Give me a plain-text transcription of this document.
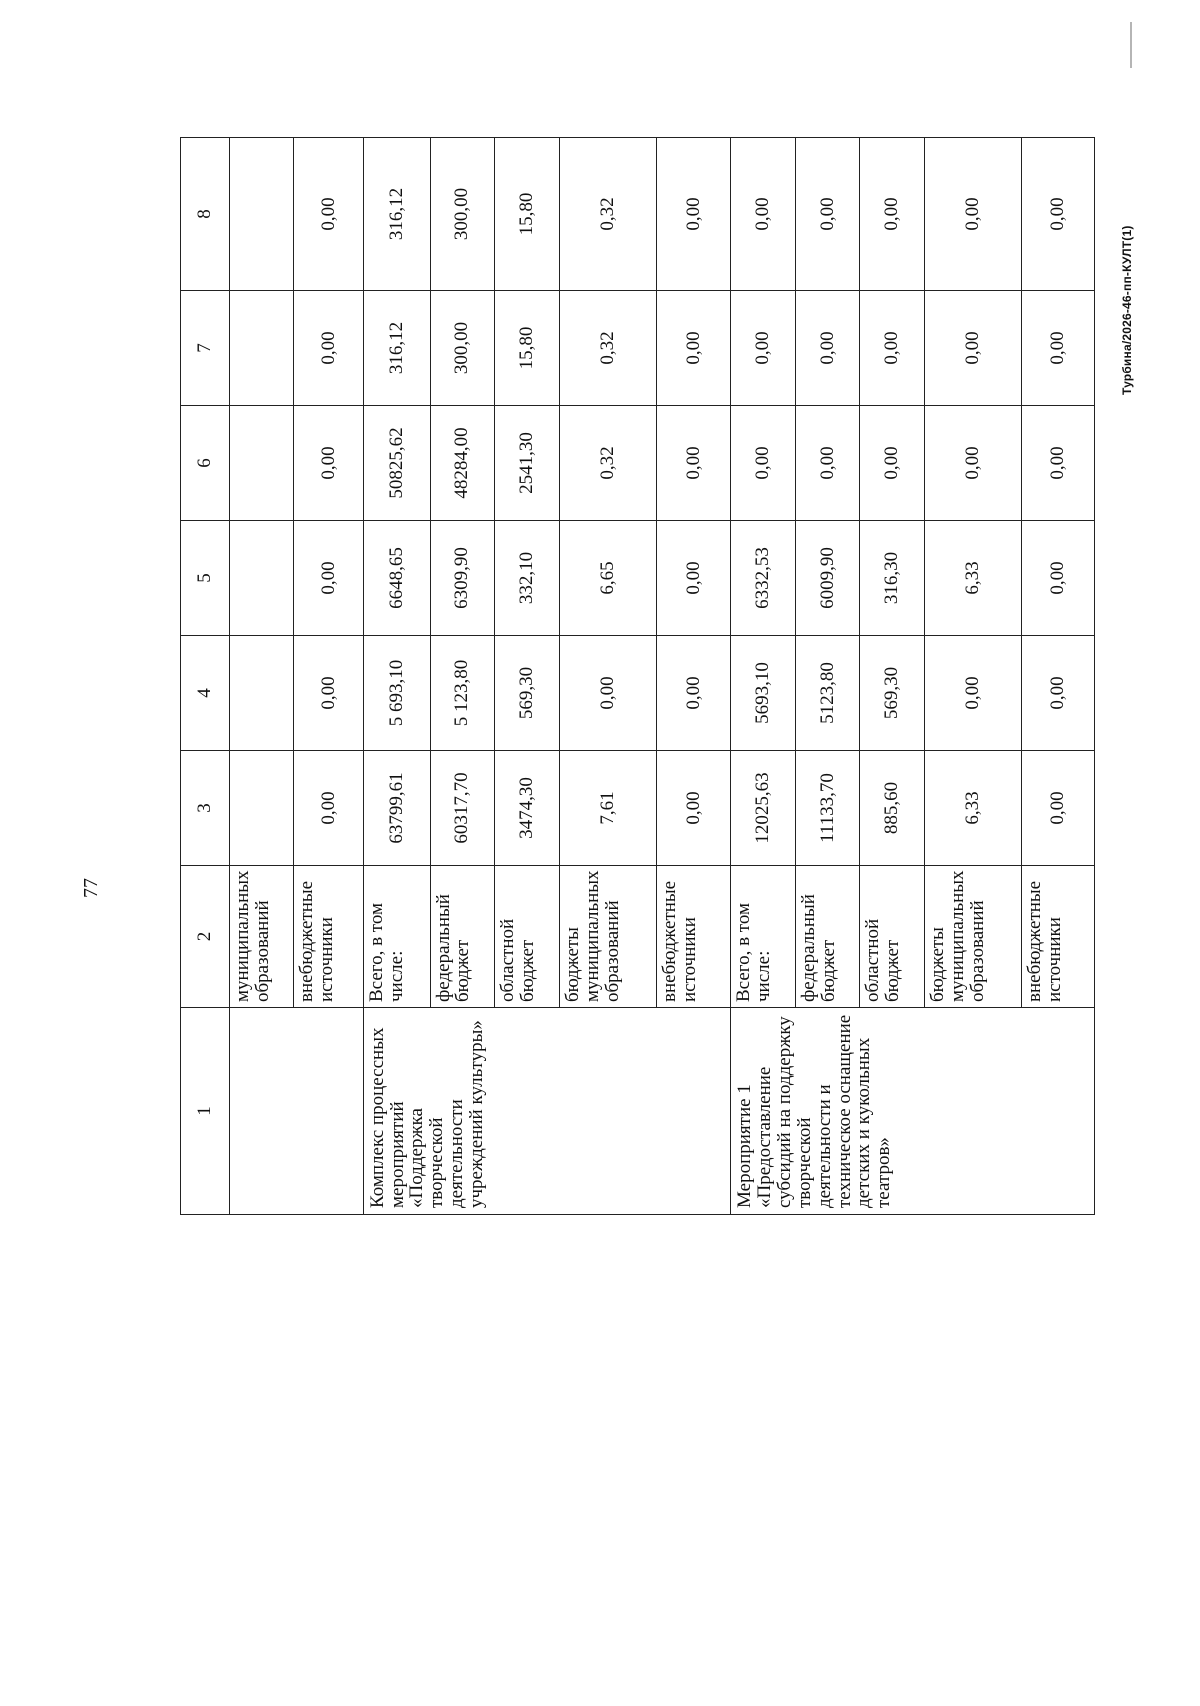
77
Турбина/2026-46-пп-КУЛТ(1)
1	2	3	4	5	6	7	8
	муниципальных образований						
	внебюджетные источники	0,00	0,00	0,00	0,00	0,00	0,00
Комплекс процессных мероприятий «Поддержка творческой деятельности учреждений культуры»	Всего, в том числе:	63799,61	5 693,10	6648,65	50825,62	316,12	316,12
	федеральный бюджет	60317,70	5 123,80	6309,90	48284,00	300,00	300,00
	областной бюджет	3474,30	569,30	332,10	2541,30	15,80	15,80
	бюджеты муниципальных образований	7,61	0,00	6,65	0,32	0,32	0,32
	внебюджетные источники	0,00	0,00	0,00	0,00	0,00	0,00
Мероприятие 1 «Предоставление субсидий на поддержку творческой деятельности и техническое оснащение детских и кукольных театров»	Всего, в том числе:	12025,63	5693,10	6332,53	0,00	0,00	0,00
	федеральный бюджет	11133,70	5123,80	6009,90	0,00	0,00	0,00
	областной бюджет	885,60	569,30	316,30	0,00	0,00	0,00
	бюджеты муниципальных образований	6,33	0,00	6,33	0,00	0,00	0,00
	внебюджетные источники	0,00	0,00	0,00	0,00	0,00	0,00
